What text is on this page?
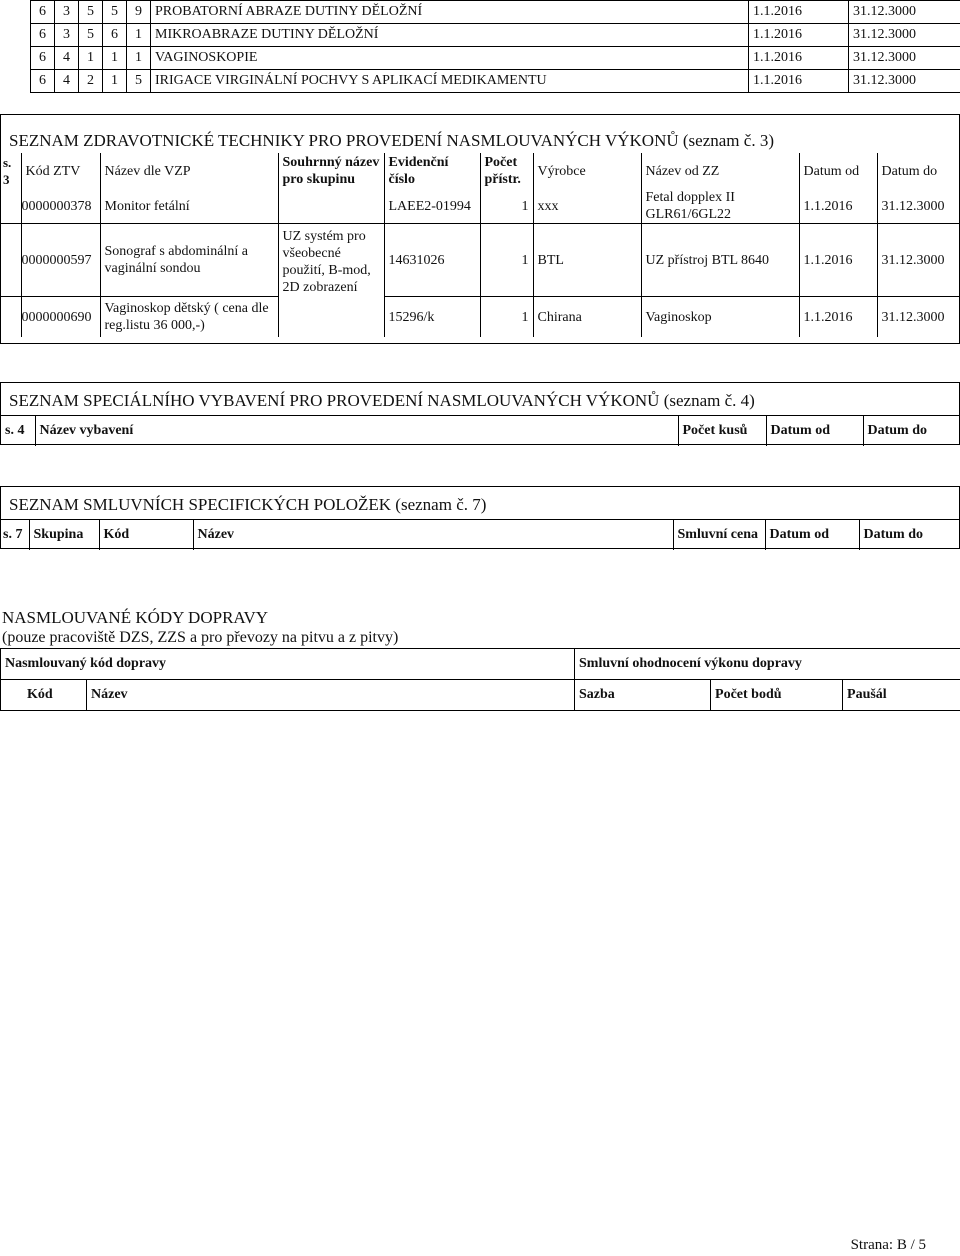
6	3	5	5	9	PROBATORNÍ ABRAZE DUTINY DĚLOŽNÍ	1.1.2016	31.12.3000
6	3	5	6	1	MIKROABRAZE DUTINY DĚLOŽNÍ	1.1.2016	31.12.3000
6	4	1	1	1	VAGINOSKOPIE	1.1.2016	31.12.3000
6	4	2	1	5	IRIGACE VIRGINÁLNÍ POCHVY S APLIKACÍ MEDIKAMENTU	1.1.2016	31.12.3000
SEZNAM ZDRAVOTNICKÉ TECHNIKY PRO PROVEDENÍ NASMLOUVANÝCH VÝKONŮ (seznam č. 3)
s. 3	Kód ZTV	Název dle VZP	Souhrnný název pro skupinu	Evidenční číslo	Počet přístr.	Výrobce	Název od ZZ	Datum od	Datum do
	0000000378	Monitor fetální		LAEE2-01994	1	xxx	Fetal dopplex II GLR61/6GL22	1.1.2016	31.12.3000
	0000000597	Sonograf s abdominální a vaginální sondou	UZ systém pro všeobecné použití, B-mod, 2D zobrazení	14631026	1	BTL	UZ přístroj BTL 8640	1.1.2016	31.12.3000
	0000000690	Vaginoskop dětský ( cena dle reg.listu 36 000,-)		15296/k	1	Chirana	Vaginoskop	1.1.2016	31.12.3000
SEZNAM SPECIÁLNÍHO VYBAVENÍ PRO PROVEDENÍ NASMLOUVANÝCH VÝKONŮ (seznam č. 4)
s. 4	Název vybavení	Počet kusů	Datum od	Datum do
SEZNAM SMLUVNÍCH SPECIFICKÝCH POLOŽEK (seznam č. 7)
s. 7	Skupina	Kód	Název	Smluvní cena	Datum od	Datum do
NASMLOUVANÉ KÓDY DOPRAVY
(pouze pracoviště DZS, ZZS a pro převozy na pitvu a z pitvy)
Nasmlouvaný kód dopravy		Smluvní ohodnocení výkonu dopravy		
Kód	Název	Sazba	Počet bodů	Paušál
Strana: B / 5
